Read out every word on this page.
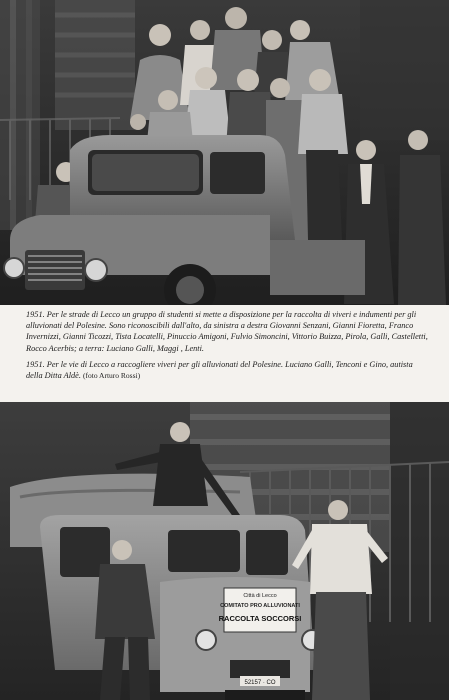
1951. Per le strade di Lecco un gruppo di studenti si mette a disposizione per la raccolta di viveri e indumenti per gli alluvionati del Polesine. Sono riconoscibili dall'alto, da sinistra a destra Giovanni Senzani, Gianni Fioretta, Franco Invernizzi, Gianni Ticozzi, Tista Locatelli, Pinuccio Amigoni, Fulvio Simoncini, Vittorio Buizza, Pirola, Galli, Castelletti, Rocco Acerbis; a terra: Luciano Galli, Maggi , Lenti.

1951. Per le vie di Lecco a raccogliere viveri per gli alluvionati del Polesine. Luciano Galli, Tenconi e Gino, autista della Ditta Aldè. (foto Arturo Rossi)

Città di Lecco
COMITATO PRO ALLUVIONATI
RACCOLTA SOCCORSI
52157 · CO
